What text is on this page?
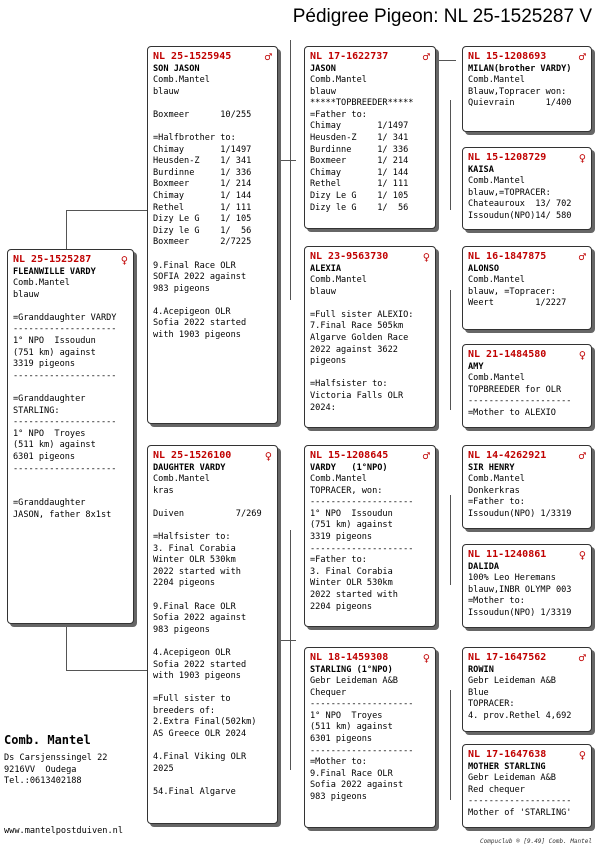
Pédigree Pigeon: NL 25-1525287 V
NL 25-1525287 ♀
FLEANWILLE VARDY
Comb.Mantel
blauw

=Granddaughter VARDY
--------------------
1° NPO  Issoudun
(751 km) against
3319 pigeons
--------------------

=Granddaughter
STARLING:
--------------------
1° NPO  Troyes
(511 km) against
6301 pigeons
--------------------

=Granddaughter
JASON, father 8x1st
NL 25-1525945	♂
SON JASON
Comb.Mantel
blauw

Boxmeer      10/255

=Halfbrother to:
Chimay       1/1497
Heusden-Z    1/ 341
Burdinne     1/ 336
Boxmeer      1/ 214
Chimay       1/ 144
Rethel       1/ 111
Dizy Le G    1/ 105
Dizy le G    1/  56
Boxmeer      2/7225

9.Final Race OLR
SOFIA 2022 against
983 pigeons

4.Acepigeon OLR
Sofia 2022 started
with 1903 pigeons
NL 25-1526100	♀
DAUGHTER VARDY
Comb.Mantel
kras

Duiven          7/269

=Halfsister to:
3. Final Corabia
Winter OLR 530km
2022 started with
2204 pigeons

9.Final Race OLR
Sofia 2022 against
983 pigeons

4.Acepigeon OLR
Sofia 2022 started
with 1903 pigeons

=Full sister to
breeders of:
2.Extra Final(502km)
AS Greece OLR 2024

4.Final Viking OLR
2025

54.Final Algarve
NL 17-1622737	♂
JASON
Comb.Mantel
blauw
*****TOPBREEDER*****
=Father to:
Chimay       1/1497
Heusden-Z    1/ 341
Burdinne     1/ 336
Boxmeer      1/ 214
Chimay       1/ 144
Rethel       1/ 111
Dizy Le G    1/ 105
Dizy le G    1/  56
NL 23-9563730	♀
ALEXIA
Comb.Mantel
blauw

=Full sister ALEXIO:
7.Final Race 505km
Algarve Golden Race
2022 against 3622
pigeons

=Halfsister to:
Victoria Falls OLR
2024:
NL 15-1208645	♂
VARDY   (1°NPO)
Comb.Mantel
TOPRACER, won:
--------------------
1° NPO  Issoudun
(751 km) against
3319 pigeons
--------------------
=Father to:
3. Final Corabia
Winter OLR 530km
2022 started with
2204 pigeons
NL 18-1459308	♀
STARLING (1°NPO)
Gebr Leideman A&B
Chequer
--------------------
1° NPO  Troyes
(511 km) against
6301 pigeons
--------------------
=Mother to:
9.Final Race OLR
Sofia 2022 against
983 pigeons
NL 15-1208693	♂
MILAN(brother VARDY)
Comb.Mantel
Blauw,Topracer won:
Quievrain      1/400
NL 15-1208729	♀
KAISA
Comb.Mantel
blauw,=TOPRACER:
Chateauroux  13/ 702
Issoudun(NPO)14/ 580
NL 16-1847875	♂
ALONSO
Comb.Mantel
blauw, =Topracer:
Weert        1/2227
NL 21-1484580	♀
AMY
Comb.Mantel
TOPBREEDER for OLR
--------------------
=Mother to ALEXIO
NL 14-4262921	♂
SIR HENRY
Comb.Mantel
Donkerkras
=Father to:
Issoudun(NPO) 1/3319
NL 11-1240861	♀
DALIDA
100% Leo Heremans
blauw,INBR OLYMP 003
=Mother to:
Issoudun(NPO) 1/3319
NL 17-1647562	♂
ROWIN
Gebr Leideman A&B
Blue
TOPRACER:
4. prov.Rethel 4,692
NL 17-1647638	♀
MOTHER STARLING
Gebr Leideman A&B
Red chequer
--------------------
Mother of 'STARLING'
Comb. Mantel
Ds Carsjenssingel 22
9216VV  Oudega
Tel.:0613402188
www.mantelpostduiven.nl
Compuclub ® [9.49] Comb. Mantel
